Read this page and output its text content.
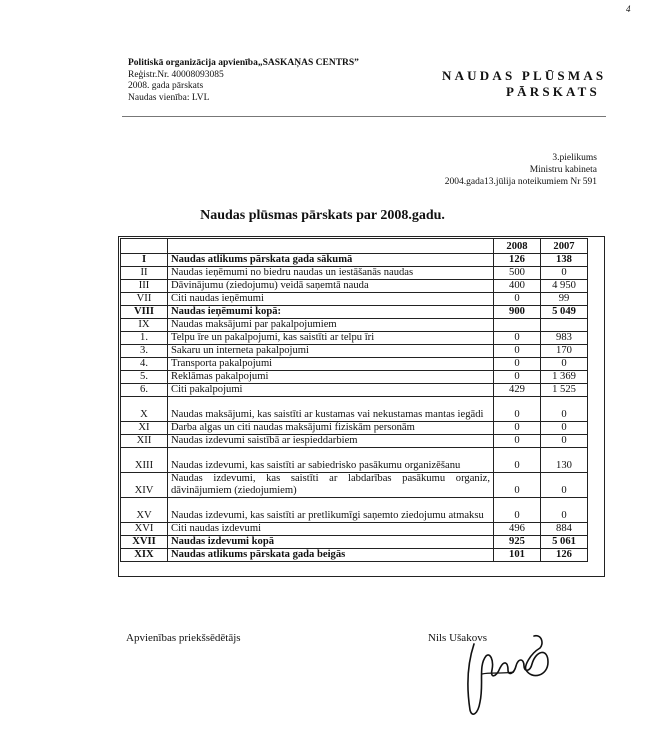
4
Politiskā organizācija apvienība„SASKAŅAS CENTRS”
Reģistr.Nr. 40008093085
2008. gada pārskats
Naudas vienība: LVL
NAUDAS PLŪSMAS
PĀRSKATS
3.pielikums
Ministru kabineta
2004.gada13.jūlija noteikumiem Nr 591
Naudas plūsmas pārskats par 2008.gadu.
		2008	2007
I	Naudas atlikums pārskata gada sākumā	126	138
II	Naudas ieņēmumi no biedru naudas un iestāšanās naudas	500	0
III	Dāvinājumu (ziedojumu) veidā saņemtā nauda	400	4 950
VII	Citi naudas ieņēmumi	0	99
VIII	Naudas ieņēmumi kopā:	900	5 049
IX	Naudas maksājumi par pakalpojumiem		
1.	Telpu īre un pakalpojumi, kas saistīti ar telpu īri	0	983
3.	Sakaru un interneta pakalpojumi	0	170
4.	Transporta pakalpojumi	0	0
5.	Reklāmas pakalpojumi	0	1 369
6.	Citi pakalpojumi	429	1 525
X	Naudas maksājumi, kas saistīti ar kustamas vai nekustamas mantas iegādi	0	0
XI	Darba algas un citi naudas maksājumi fiziskām personām	0	0
XII	Naudas izdevumi saistībā ar iespieddarbiem	0	0
XIII	Naudas izdevumi, kas saistīti ar sabiedrisko pasākumu organizēšanu	0	130
XIV	Naudas izdevumi, kas saistīti ar labdarības pasākumu organiz, dāvinājumiem (ziedojumiem)	0	0
XV	Naudas izdevumi, kas saistīti ar pretlikumīgi saņemto ziedojumu atmaksu	0	0
XVI	Citi naudas izdevumi	496	884
XVII	Naudas izdevumi kopā	925	5 061
XIX	Naudas atlikums pārskata gada beigās	101	126
Apvienības priekšsēdētājs	Nils Ušakovs
